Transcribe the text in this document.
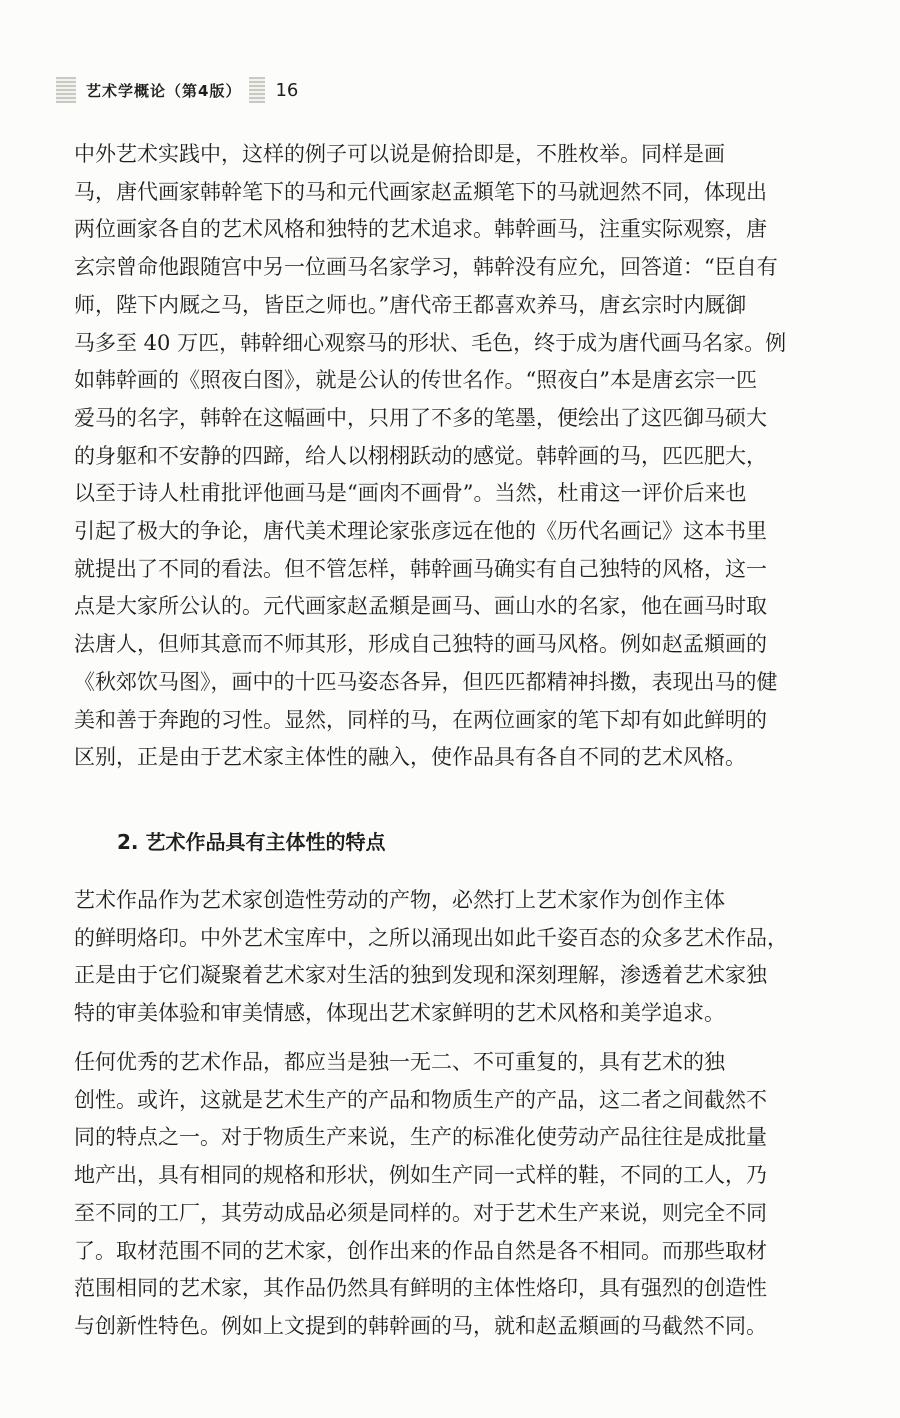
艺术学概论（第4版） 16

中外艺术实践中，这样的例子可以说是俯拾即是，不胜枚举。同样是画
马，唐代画家韩幹笔下的马和元代画家赵孟頫笔下的马就迥然不同，体现出
两位画家各自的艺术风格和独特的艺术追求。韩幹画马，注重实际观察，唐
玄宗曾命他跟随宫中另一位画马名家学习，韩幹没有应允，回答道：“臣自有
师，陛下内厩之马，皆臣之师也。”唐代帝王都喜欢养马，唐玄宗时内厩御
马多至 40 万匹，韩幹细心观察马的形状、毛色，终于成为唐代画马名家。例
如韩幹画的《照夜白图》，就是公认的传世名作。“照夜白”本是唐玄宗一匹
爱马的名字，韩幹在这幅画中，只用了不多的笔墨，便绘出了这匹御马硕大
的身躯和不安静的四蹄，给人以栩栩跃动的感觉。韩幹画的马，匹匹肥大，
以至于诗人杜甫批评他画马是“画肉不画骨”。当然，杜甫这一评价后来也
引起了极大的争论，唐代美术理论家张彦远在他的《历代名画记》这本书里
就提出了不同的看法。但不管怎样，韩幹画马确实有自己独特的风格，这一
点是大家所公认的。元代画家赵孟頫是画马、画山水的名家，他在画马时取
法唐人，但师其意而不师其形，形成自己独特的画马风格。例如赵孟頫画的
《秋郊饮马图》，画中的十匹马姿态各异，但匹匹都精神抖擞，表现出马的健
美和善于奔跑的习性。显然，同样的马，在两位画家的笔下却有如此鲜明的
区别，正是由于艺术家主体性的融入，使作品具有各自不同的艺术风格。

2. 艺术作品具有主体性的特点

艺术作品作为艺术家创造性劳动的产物，必然打上艺术家作为创作主体
的鲜明烙印。中外艺术宝库中，之所以涌现出如此千姿百态的众多艺术作品，
正是由于它们凝聚着艺术家对生活的独到发现和深刻理解，渗透着艺术家独
特的审美体验和审美情感，体现出艺术家鲜明的艺术风格和美学追求。

任何优秀的艺术作品，都应当是独一无二、不可重复的，具有艺术的独
创性。或许，这就是艺术生产的产品和物质生产的产品，这二者之间截然不
同的特点之一。对于物质生产来说，生产的标准化使劳动产品往往是成批量
地产出，具有相同的规格和形状，例如生产同一式样的鞋，不同的工人，乃
至不同的工厂，其劳动成品必须是同样的。对于艺术生产来说，则完全不同
了。取材范围不同的艺术家，创作出来的作品自然是各不相同。而那些取材
范围相同的艺术家，其作品仍然具有鲜明的主体性烙印，具有强烈的创造性
与创新性特色。例如上文提到的韩幹画的马，就和赵孟頫画的马截然不同。
